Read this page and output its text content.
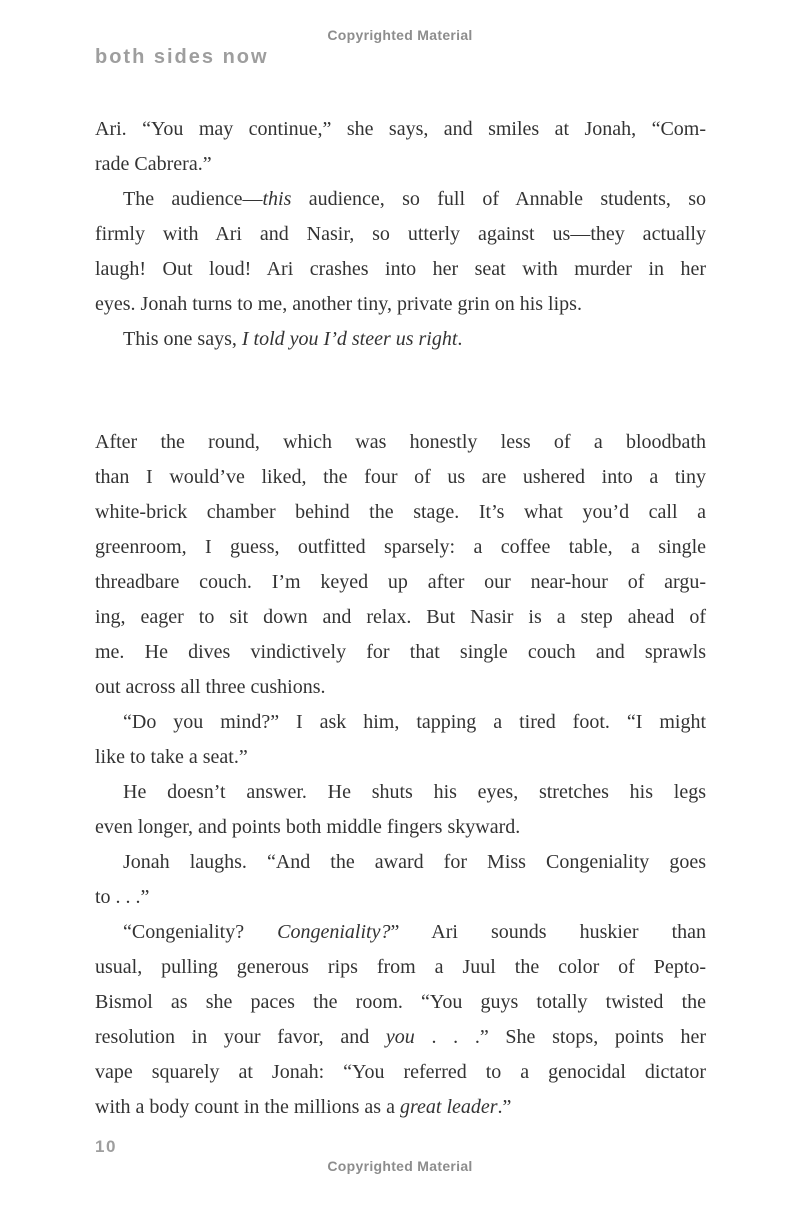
Copyrighted Material
both sides now
Ari. “You may continue,” she says, and smiles at Jonah, “Com-
rade Cabrera.”
The audience—this audience, so full of Annable students, so
firmly with Ari and Nasir, so utterly against us—they actually
laugh! Out loud! Ari crashes into her seat with murder in her
eyes. Jonah turns to me, another tiny, private grin on his lips.
This one says, I told you I’d steer us right.
After the round, which was honestly less of a bloodbath
than I would’ve liked, the four of us are ushered into a tiny
white-brick chamber behind the stage. It’s what you’d call a
greenroom, I guess, outfitted sparsely: a coffee table, a single
threadbare couch. I’m keyed up after our near-hour of argu-
ing, eager to sit down and relax. But Nasir is a step ahead of
me. He dives vindictively for that single couch and sprawls
out across all three cushions.
“Do you mind?” I ask him, tapping a tired foot. “I might
like to take a seat.”
He doesn’t answer. He shuts his eyes, stretches his legs
even longer, and points both middle fingers skyward.
Jonah laughs. “And the award for Miss Congeniality goes
to . . .”
“Congeniality? Congeniality?” Ari sounds huskier than
usual, pulling generous rips from a Juul the color of Pepto-
Bismol as she paces the room. “You guys totally twisted the
resolution in your favor, and you . . .” She stops, points her
vape squarely at Jonah: “You referred to a genocidal dictator
with a body count in the millions as a great leader.”
10
Copyrighted Material
